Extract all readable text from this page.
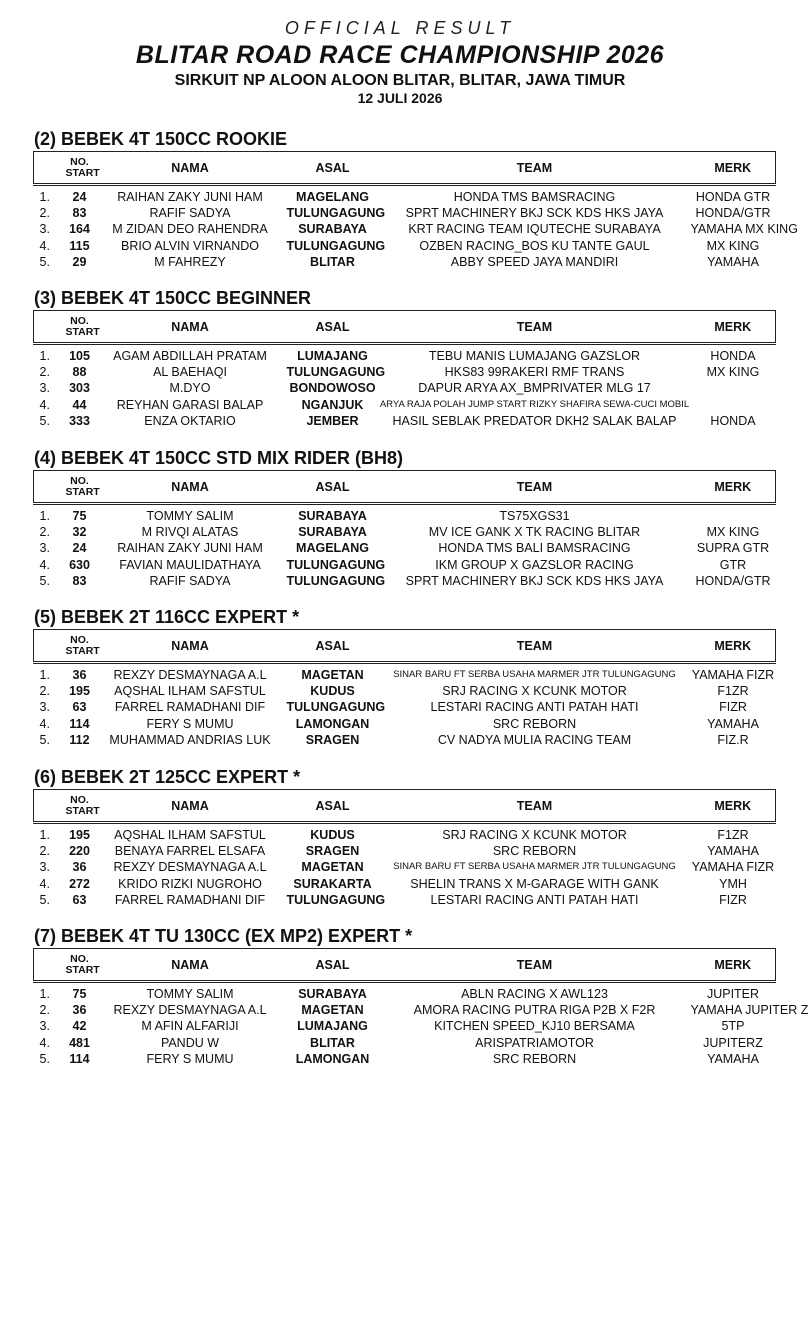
OFFICIAL RESULT
BLITAR ROAD RACE CHAMPIONSHIP 2026
SIRKUIT NP ALOON ALOON BLITAR, BLITAR, JAWA TIMUR
12 JULI 2026
(2) BEBEK 4T 150CC ROOKIE

	NO.
START	NAMA	ASAL	TEAM	MERK
1.	24	RAIHAN ZAKY JUNI HAM	MAGELANG	HONDA TMS BAMSRACING	HONDA GTR
2.	83	RAFIF SADYA	TULUNGAGUNG	SPRT MACHINERY BKJ SCK KDS HKS JAYA	HONDA/GTR
3.	164	M ZIDAN DEO RAHENDRA	SURABAYA	KRT RACING TEAM IQUTECHE SURABAYA	YAMAHA MX KING
4.	115	BRIO ALVIN VIRNANDO	TULUNGAGUNG	OZBEN RACING_BOS KU TANTE GAUL	MX KING
5.	29	M FAHREZY	BLITAR	ABBY SPEED JAYA MANDIRI	YAMAHA
(3) BEBEK 4T 150CC BEGINNER

	NO.
START	NAMA	ASAL	TEAM	MERK
1.	105	AGAM ABDILLAH PRATAM	LUMAJANG	TEBU MANIS LUMAJANG GAZSLOR	HONDA
2.	88	AL BAEHAQI	TULUNGAGUNG	HKS83 99RAKERI RMF TRANS	MX KING
3.	303	M.DYO	BONDOWOSO	DAPUR ARYA AX_BMPRIVATER MLG 17	
4.	44	REYHAN GARASI BALAP	NGANJUK	ARYA RAJA POLAH JUMP START RIZKY SHAFIRA SEWA-CUCI MOBIL	
5.	333	ENZA OKTARIO	JEMBER	HASIL SEBLAK PREDATOR DKH2 SALAK BALAP	HONDA
(4) BEBEK 4T 150CC STD MIX RIDER (BH8)

	NO.
START	NAMA	ASAL	TEAM	MERK
1.	75	TOMMY SALIM	SURABAYA	TS75XGS31	
2.	32	M RIVQI ALATAS	SURABAYA	MV ICE GANK X TK RACING BLITAR	MX KING
3.	24	RAIHAN ZAKY JUNI HAM	MAGELANG	HONDA TMS BALI BAMSRACING	SUPRA GTR
4.	630	FAVIAN MAULIDATHAYA	TULUNGAGUNG	IKM GROUP X GAZSLOR RACING	GTR
5.	83	RAFIF SADYA	TULUNGAGUNG	SPRT MACHINERY BKJ SCK KDS HKS JAYA	HONDA/GTR
(5) BEBEK 2T 116CC EXPERT *

	NO.
START	NAMA	ASAL	TEAM	MERK
1.	36	REXZY DESMAYNAGA A.L	MAGETAN	SINAR BARU FT SERBA USAHA MARMER JTR TULUNGAGUNG	YAMAHA FIZR
2.	195	AQSHAL ILHAM SAFSTUL	KUDUS	SRJ RACING X KCUNK MOTOR	F1ZR
3.	63	FARREL RAMADHANI DIF	TULUNGAGUNG	LESTARI RACING ANTI PATAH HATI	FIZR
4.	114	FERY S MUMU	LAMONGAN	SRC REBORN	YAMAHA
5.	112	MUHAMMAD ANDRIAS LUK	SRAGEN	CV NADYA MULIA RACING TEAM	FIZ.R
(6) BEBEK 2T 125CC EXPERT *

	NO.
START	NAMA	ASAL	TEAM	MERK
1.	195	AQSHAL ILHAM SAFSTUL	KUDUS	SRJ RACING X KCUNK MOTOR	F1ZR
2.	220	BENAYA FARREL ELSAFA	SRAGEN	SRC REBORN	YAMAHA
3.	36	REXZY DESMAYNAGA A.L	MAGETAN	SINAR BARU FT SERBA USAHA MARMER JTR TULUNGAGUNG	YAMAHA FIZR
4.	272	KRIDO RIZKI NUGROHO	SURAKARTA	SHELIN TRANS X M-GARAGE WITH GANK	YMH
5.	63	FARREL RAMADHANI DIF	TULUNGAGUNG	LESTARI RACING ANTI PATAH HATI	FIZR
(7) BEBEK 4T TU 130CC (EX MP2) EXPERT *

	NO.
START	NAMA	ASAL	TEAM	MERK
1.	75	TOMMY SALIM	SURABAYA	ABLN RACING X AWL123	JUPITER
2.	36	REXZY DESMAYNAGA A.L	MAGETAN	AMORA RACING PUTRA RIGA P2B X F2R	YAMAHA JUPITER Z
3.	42	M AFIN ALFARIJI	LUMAJANG	KITCHEN SPEED_KJ10 BERSAMA	5TP
4.	481	PANDU W	BLITAR	ARISPATRIAMOTOR	JUPITERZ
5.	114	FERY S MUMU	LAMONGAN	SRC REBORN	YAMAHA
